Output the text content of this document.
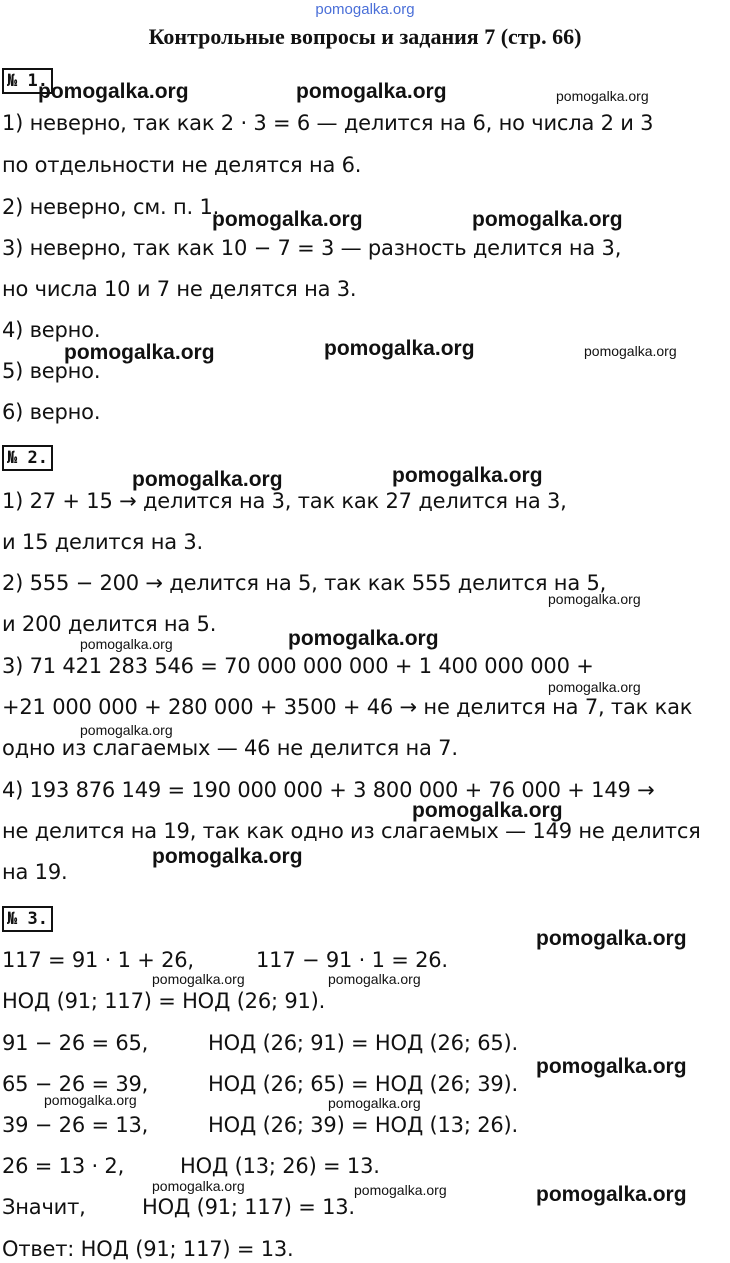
pomogalka.org
Контрольные вопросы и задания 7 (стр. 66)
№ 1.
1) неверно, так как 2 · 3 = 6 — делится на 6, но числа 2 и 3
по отдельности не делятся на 6.
2) неверно, см. п. 1.
3) неверно, так как 10 − 7 = 3 — разность делится на 3,
но числа 10 и 7 не делятся на 3.
4) верно.
5) верно.
6) верно.
№ 2.
1) 27 + 15 → делится на 3, так как 27 делится на 3,
и 15 делится на 3.
2) 555 − 200 → делится на 5, так как 555 делится на 5,
и 200 делится на 5.
3) 71 421 283 546 = 70 000 000 000 + 1 400 000 000 +
+21 000 000 + 280 000 + 3500 + 46 → не делится на 7, так как
одно из слагаемых — 46 не делится на 7.
4) 193 876 149 = 190 000 000 + 3 800 000 + 76 000 + 149 →
не делится на 19, так как одно из слагаемых — 149 не делится
на 19.
№ 3.
117 = 91 · 1 + 26,	117 − 91 · 1 = 26.
НОД (91; 117) = НОД (26; 91).
91 − 26 = 65,	НОД (26; 91) = НОД (26; 65).
65 − 26 = 39,	НОД (26; 65) = НОД (26; 39).
39 − 26 = 13,	НОД (26; 39) = НОД (13; 26).
26 = 13 · 2,	НОД (13; 26) = 13.
Значит,	НОД (91; 117) = 13.
Ответ: НОД (91; 117) = 13.
pomogalka.org	pomogalka.org	pomogalka.org
pomogalka.org	pomogalka.org
pomogalka.org	pomogalka.org	pomogalka.org
pomogalka.org	pomogalka.org
pomogalka.org
pomogalka.org	pomogalka.org
pomogalka.org
pomogalka.org
pomogalka.org
pomogalka.org
pomogalka.org
pomogalka.org	pomogalka.org
pomogalka.org
pomogalka.org	pomogalka.org
pomogalka.org	pomogalka.org	pomogalka.org
